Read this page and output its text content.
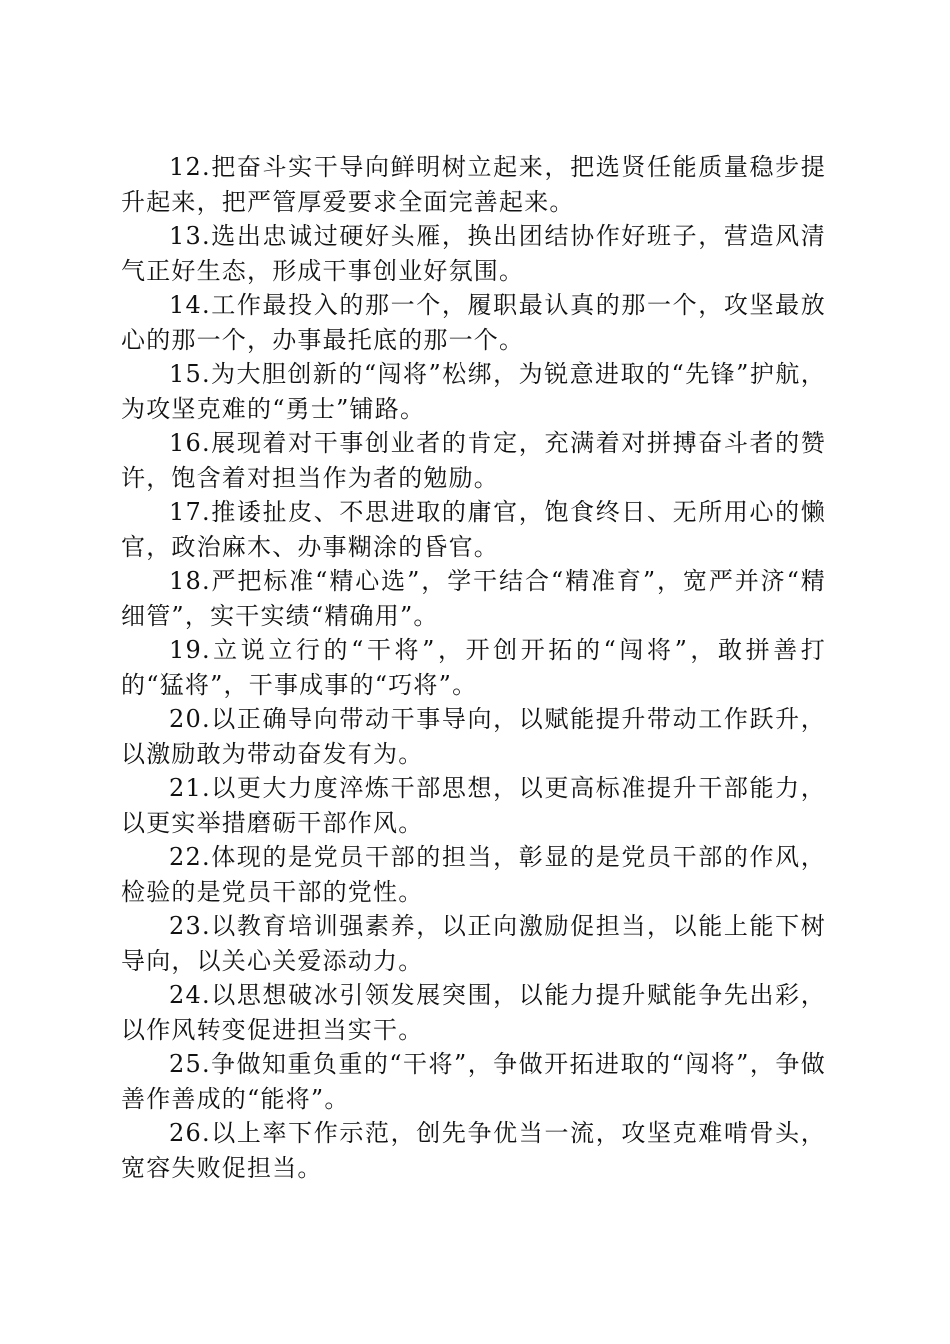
12.把奋斗实干导向鲜明树立起来，把选贤任能质量稳步提升起来，把严管厚爱要求全面完善起来。

13.选出忠诚过硬好头雁，换出团结协作好班子，营造风清气正好生态，形成干事创业好氛围。

14.工作最投入的那一个，履职最认真的那一个，攻坚最放心的那一个，办事最托底的那一个。

15.为大胆创新的“闯将”松绑，为锐意进取的“先锋”护航，为攻坚克难的“勇士”铺路。

16.展现着对干事创业者的肯定，充满着对拼搏奋斗者的赞许，饱含着对担当作为者的勉励。

17.推诿扯皮、不思进取的庸官，饱食终日、无所用心的懒官，政治麻木、办事糊涂的昏官。

18.严把标准“精心选”，学干结合“精准育”，宽严并济“精细管”，实干实绩“精确用”。

19.立说立行的“干将”，开创开拓的“闯将”，敢拼善打的“猛将”，干事成事的“巧将”。

20.以正确导向带动干事导向，以赋能提升带动工作跃升，以激励敢为带动奋发有为。

21.以更大力度淬炼干部思想，以更高标准提升干部能力，以更实举措磨砺干部作风。

22.体现的是党员干部的担当，彰显的是党员干部的作风，检验的是党员干部的党性。

23.以教育培训强素养，以正向激励促担当，以能上能下树导向，以关心关爱添动力。

24.以思想破冰引领发展突围，以能力提升赋能争先出彩，以作风转变促进担当实干。

25.争做知重负重的“干将”，争做开拓进取的“闯将”，争做善作善成的“能将”。

26.以上率下作示范，创先争优当一流，攻坚克难啃骨头，宽容失败促担当。
